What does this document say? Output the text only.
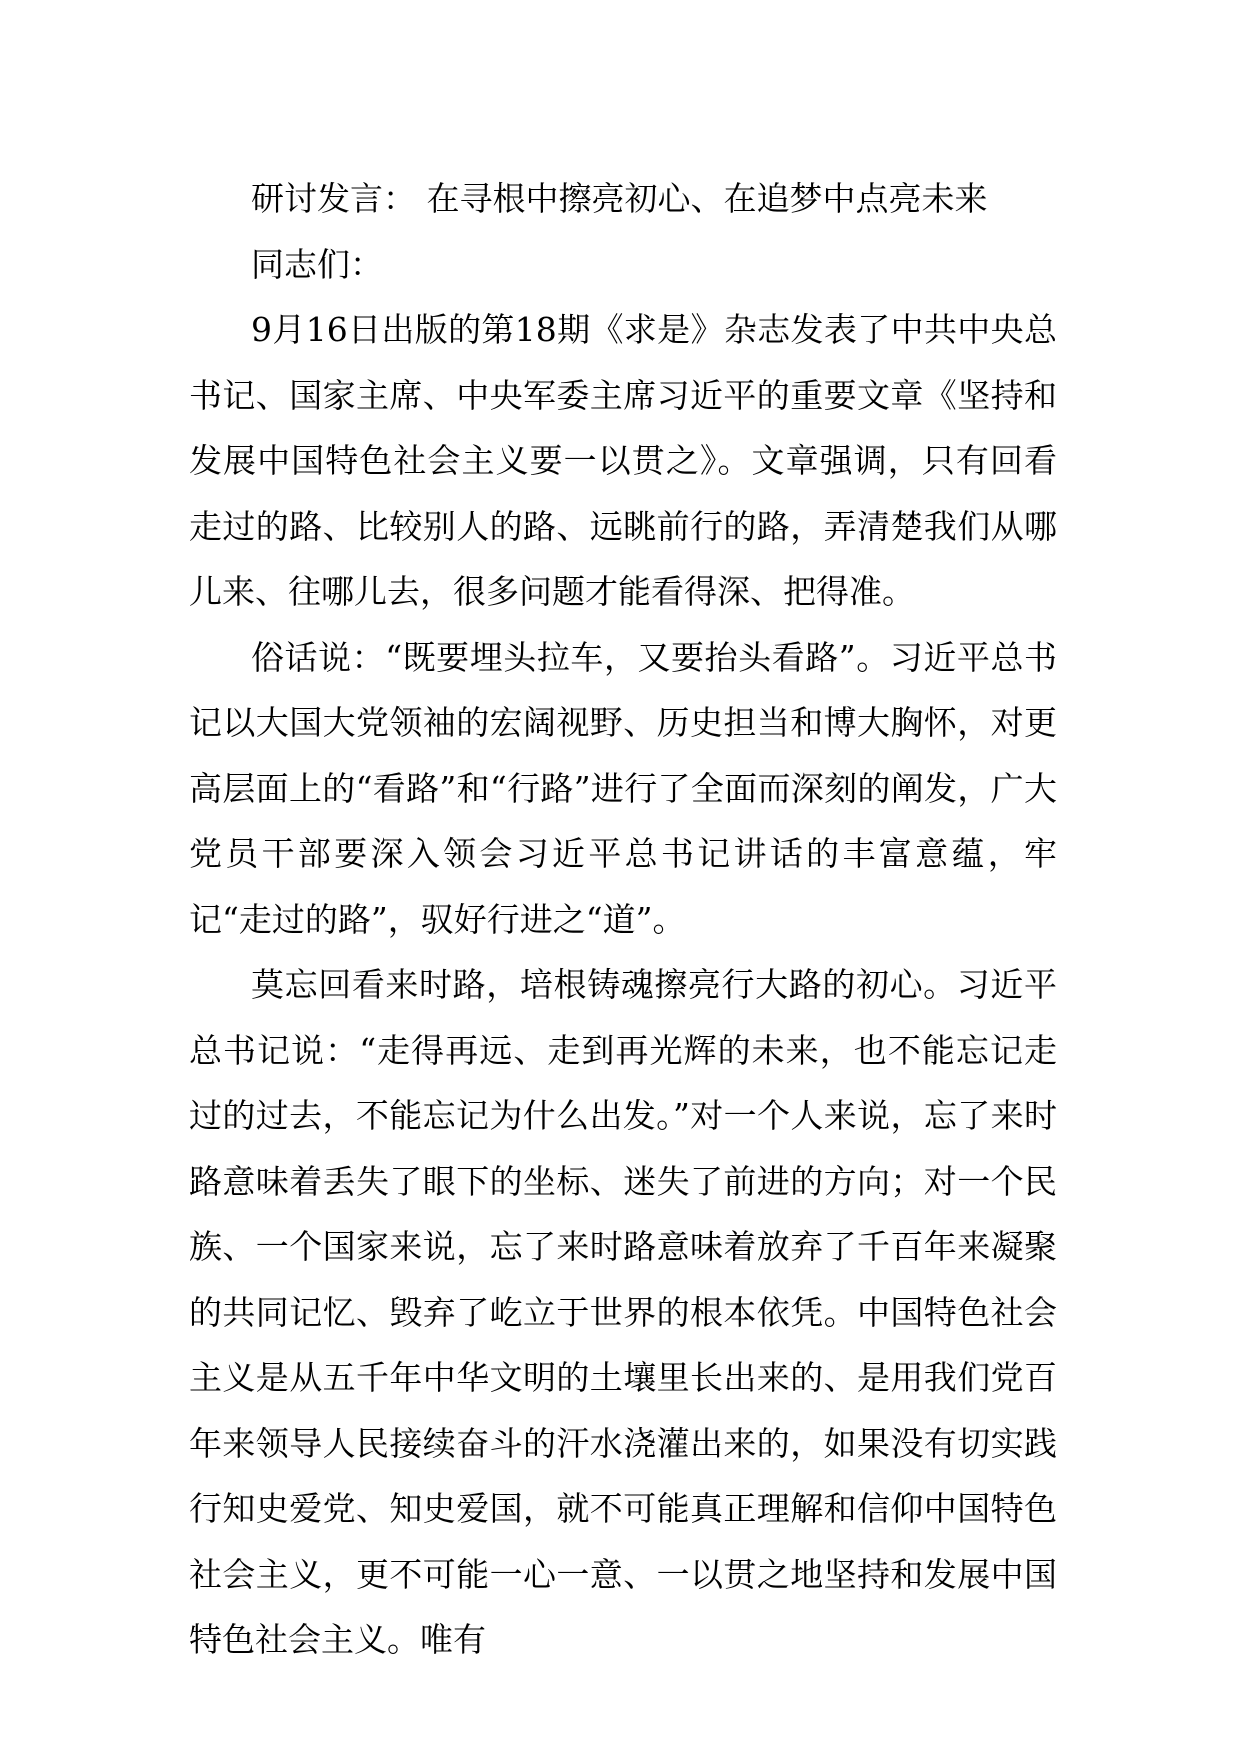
研讨发言： 在寻根中擦亮初心、在追梦中点亮未来

同志们：

9月16日出版的第18期《求是》杂志发表了中共中央总书记、国家主席、中央军委主席习近平的重要文章《坚持和发展中国特色社会主义要一以贯之》。文章强调，只有回看走过的路、比较别人的路、远眺前行的路，弄清楚我们从哪儿来、往哪儿去，很多问题才能看得深、把得准。

俗话说：“既要埋头拉车，又要抬头看路”。习近平总书记以大国大党领袖的宏阔视野、历史担当和博大胸怀，对更高层面上的“看路”和“行路”进行了全面而深刻的阐发，广大党员干部要深入领会习近平总书记讲话的丰富意蕴，牢记“走过的路”，驭好行进之“道”。

莫忘回看来时路，培根铸魂擦亮行大路的初心。习近平总书记说：“走得再远、走到再光辉的未来，也不能忘记走过的过去，不能忘记为什么出发。”对一个人来说，忘了来时路意味着丢失了眼下的坐标、迷失了前进的方向；对一个民族、一个国家来说，忘了来时路意味着放弃了千百年来凝聚的共同记忆、毁弃了屹立于世界的根本依凭。中国特色社会主义是从五千年中华文明的土壤里长出来的、是用我们党百年来领导人民接续奋斗的汗水浇灌出来的，如果没有切实践行知史爱党、知史爱国，就不可能真正理解和信仰中国特色社会主义，更不可能一心一意、一以贯之地坚持和发展中国特色社会主义。唯有
